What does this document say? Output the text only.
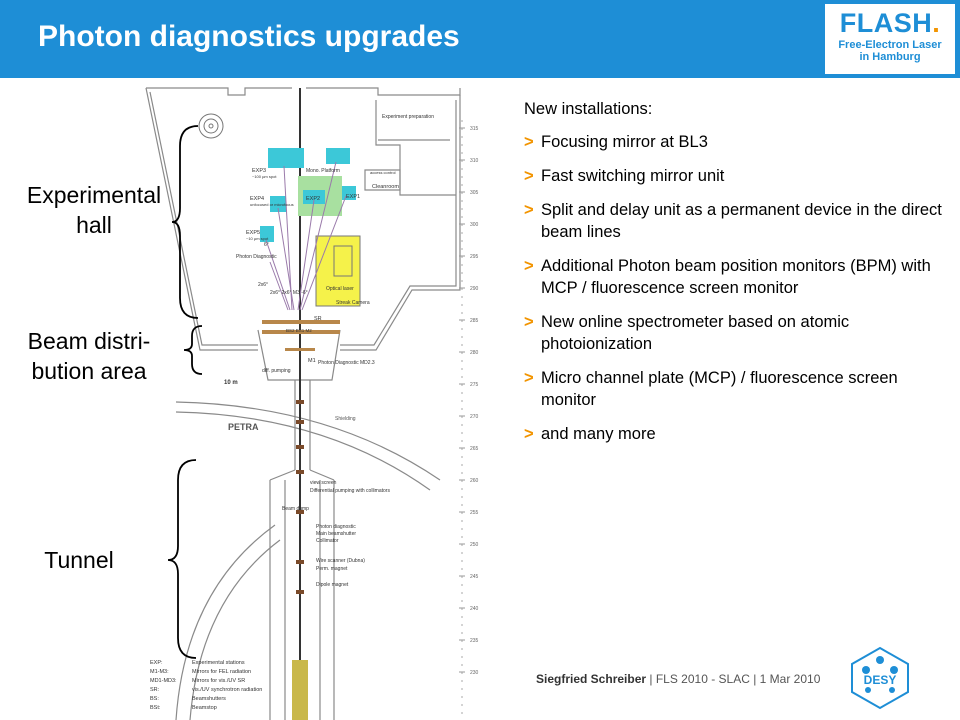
Photon diagnostics upgrades	FLASH.
Free-Electron Laser
in Hamburg
PETRA
Shielding
315
310
305
300
295
290
285
280
275
270
265
260
255
250
245
240
235
230
EXP3
~100 µm spot
EXP4
unfocused or microfocus
EXP5
~10 µm spot
EXP2	EXP1
Mono. Platform	access control
Cleanroom
Experiment preparation
Photon Diagnostic
Optical laser
Streak Camera
SR
2x6° 2x6° M3 -6°
BS2 BS1 M2
M1
diff. pumping
Photon Diagnostic MD2.3
10 m
view screen
Differential pumping with collimators
Beam dump
Photon diagnostic
Main beamshutter
Collimator
Wire scanner (Dubna)
Perm. magnet
Dipole magnet
6°
2x6°
EXP:	Experimental stations
M1-M3:	Mirrors for FEL radiation
MD1-MD3:	Mirrors for vis./UV SR
SR:	vis./UV synchrotron radiation
BS:	Beamshutters
BSt:	Beamstop
Experimental
hall
Beam distri-
bution area
Tunnel

New installations:

> Focusing mirror at BL3
> Fast switching mirror unit
> Split and delay unit as a permanent device in the direct beam lines
> Additional Photon beam position monitors (BPM) with MCP / fluorescence screen monitor
> New online spectrometer based on atomic photoionization
> Micro channel plate (MCP) / fluorescence screen monitor
> and many more
Siegfried Schreiber | FLS 2010 - SLAC | 1 Mar 2010	DESY
